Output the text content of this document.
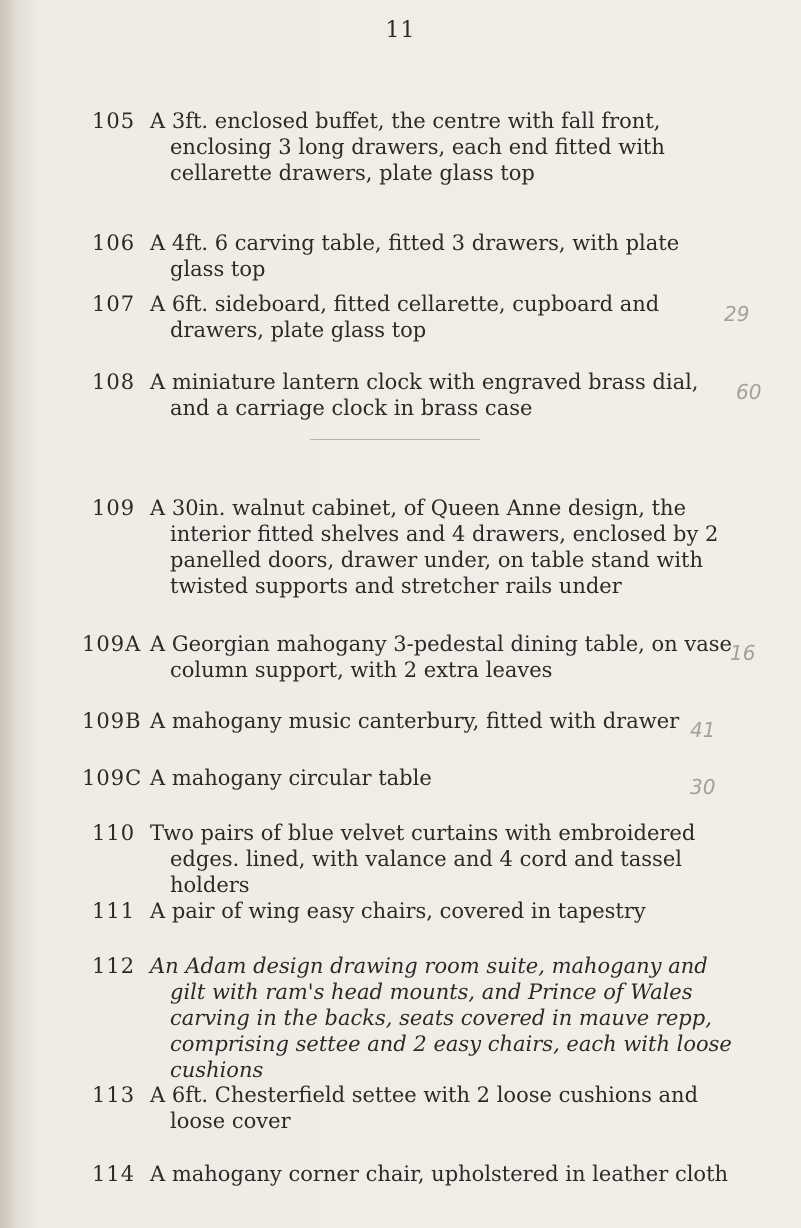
11
105 A 3ft. enclosed buffet, the centre with fall front, enclosing 3 long drawers, each end fitted with cellarette drawers, plate glass top
106 A 4ft. 6 carving table, fitted 3 drawers, with plate glass top
107 A 6ft. sideboard, fitted cellarette, cupboard and drawers, plate glass top
108 A miniature lantern clock with engraved brass dial, and a carriage clock in brass case
109 A 30in. walnut cabinet, of Queen Anne design, the interior fitted shelves and 4 drawers, enclosed by 2 panelled doors, drawer under, on table stand with twisted supports and stretcher rails under
109A A Georgian mahogany 3-pedestal dining table, on vase column support, with 2 extra leaves
109B A mahogany music canterbury, fitted with drawer
109C A mahogany circular table
110 Two pairs of blue velvet curtains with embroidered edges. lined, with valance and 4 cord and tassel holders
111 A pair of wing easy chairs, covered in tapestry
112 An Adam design drawing room suite, mahogany and gilt with ram's head mounts, and Prince of Wales carving in the backs, seats covered in mauve repp, comprising settee and 2 easy chairs, each with loose cushions
113 A 6ft. Chesterfield settee with 2 loose cushions and loose cover
114 A mahogany corner chair, upholstered in leather cloth
29
60
16
41
30
